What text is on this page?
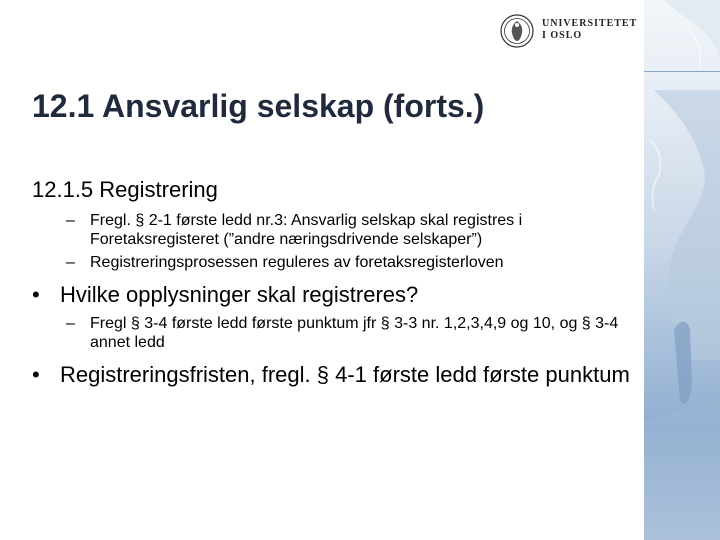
UNIVERSITETET
I OSLO
12.1 Ansvarlig selskap (forts.)

12.1.5 Registrering

– Fregl. § 2-1 første ledd nr.3: Ansvarlig selskap skal registres i Foretaksregisteret (”andre næringsdrivende selskaper”)
– Registreringsprosessen reguleres av foretaksregisterloven
• Hvilke opplysninger skal registreres?
– Fregl § 3-4 første ledd første punktum jfr § 3-3 nr. 1,2,3,4,9 og 10, og § 3-4 annet ledd
• Registreringsfristen, fregl. § 4-1 første ledd første punktum
